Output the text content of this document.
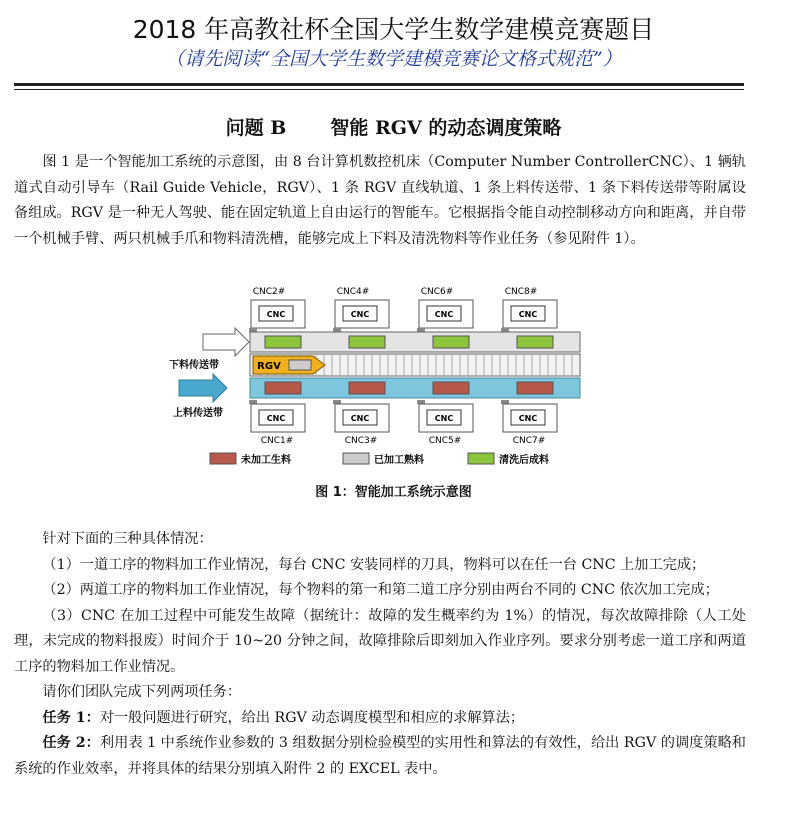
2018 年高教社杯全国大学生数学建模竞赛题目
（请先阅读“全国大学生数学建模竞赛论文格式规范”）
问题 B 智能 RGV 的动态调度策略

图 1 是一个智能加工系统的示意图，由 8 台计算机数控机床（Computer Number ControllerCNC）、1 辆轨道式自动引导车（Rail Guide Vehicle，RGV）、1 条 RGV 直线轨道、1 条上料传送带、1 条下料传送带等附属设备组成。RGV 是一种无人驾驶、能在固定轨道上自由运行的智能车。它根据指令能自动控制移动方向和距离，并自带一个机械手臂、两只机械手爪和物料清洗槽，能够完成上下料及清洗物料等作业任务（参见附件 1）。

CNC2#	CNC4#	CNC6#	CNC8#
CNC	CNC	CNC	CNC
下料传送带	RGV
上料传送带	CNC	CNC	CNC	CNC
CNC1#	CNC3#	CNC5#	CNC7#
未加工生料	已加工熟料	清洗后成料
图 1：智能加工系统示意图

针对下面的三种具体情况：

（1）一道工序的物料加工作业情况，每台 CNC 安装同样的刀具，物料可以在任一台 CNC 上加工完成；

（2）两道工序的物料加工作业情况，每个物料的第一和第二道工序分别由两台不同的 CNC 依次加工完成；

（3）CNC 在加工过程中可能发生故障（据统计：故障的发生概率约为 1%）的情况，每次故障排除（人工处理，未完成的物料报废）时间介于 10~20 分钟之间，故障排除后即刻加入作业序列。要求分别考虑一道工序和两道工序的物料加工作业情况。

请你们团队完成下列两项任务：

任务 1：对一般问题进行研究，给出 RGV 动态调度模型和相应的求解算法；

任务 2：利用表 1 中系统作业参数的 3 组数据分别检验模型的实用性和算法的有效性，给出 RGV 的调度策略和系统的作业效率，并将具体的结果分别填入附件 2 的 EXCEL 表中。
